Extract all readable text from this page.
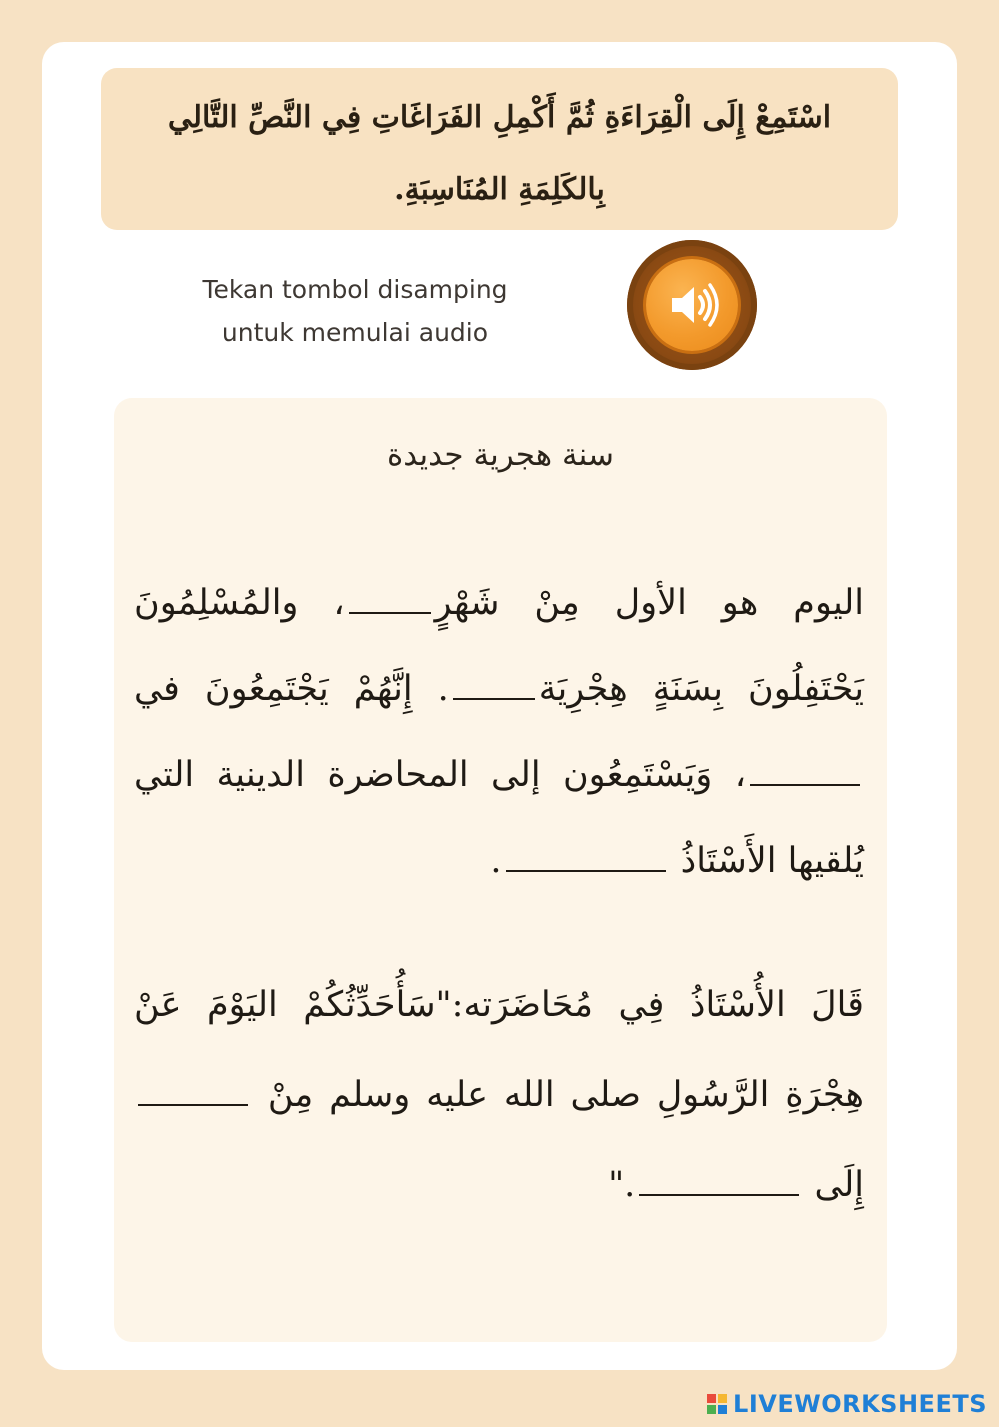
اسْتَمِعْ إِلَى الْقِرَاءَةِ ثُمَّ أَكْمِلِ الفَرَاغَاتِ فِي النَّصِّ التَّالِي
بِالكَلِمَةِ المُنَاسِبَةِ.
Tekan tombol disamping
untuk memulai audio
سنة هجرية جديدة
اليوم هو الأول مِنْ شَهْرٍ، والمُسْلِمُونَ يَحْتَفِلُونَ بِسَنَةٍ هِجْرِيَة. إِنَّهُمْ يَجْتَمِعُونَ في ، وَيَسْتَمِعُون إلى المحاضرة الدينية التي يُلقيها الأَسْتَاذُ .
قَالَ الأُسْتَاذُ فِي مُحَاضَرَته:"سَأُحَدِّثُكُمْ اليَوْمَ عَنْ هِجْرَةِ الرَّسُولِ صلى الله عليه وسلم مِنْ  إِلَى ."
LIVEWORKSHEETS
